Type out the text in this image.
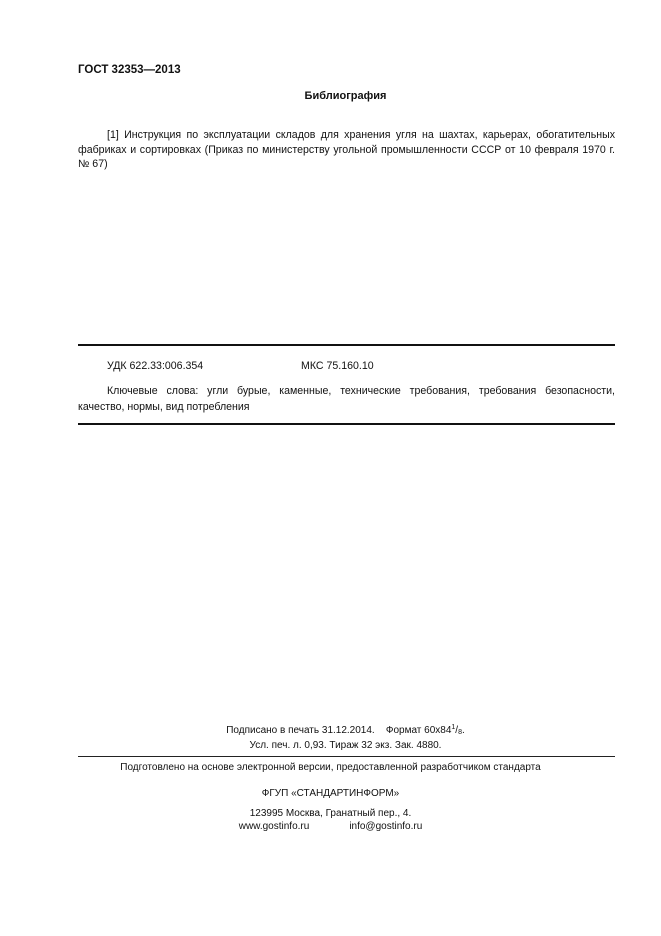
ГОСТ 32353—2013
Библиография
[1] Инструкция по эксплуатации складов для хранения угля на шахтах, карьерах, обогатительных фабриках и сортировках (Приказ по министерству угольной промышленности СССР от 10 февраля 1970 г. № 67)
УДК 622.33:006.354	МКС 75.160.10
Ключевые слова: угли бурые, каменные, технические требования, требования безопасности, качество, нормы, вид потребления
Подписано в печать 31.12.2014. Формат $60x84^1/_8$.
Усл. печ. л. 0,93. Тираж 32 экз. Зак. 4880.
Подготовлено на основе электронной версии, предоставленной разработчиком стандарта
ФГУП «СТАНДАРТИНФОРМ»
123995 Москва, Гранатный пер., 4.
www.gostinfo.ru	info@gostinfo.ru
